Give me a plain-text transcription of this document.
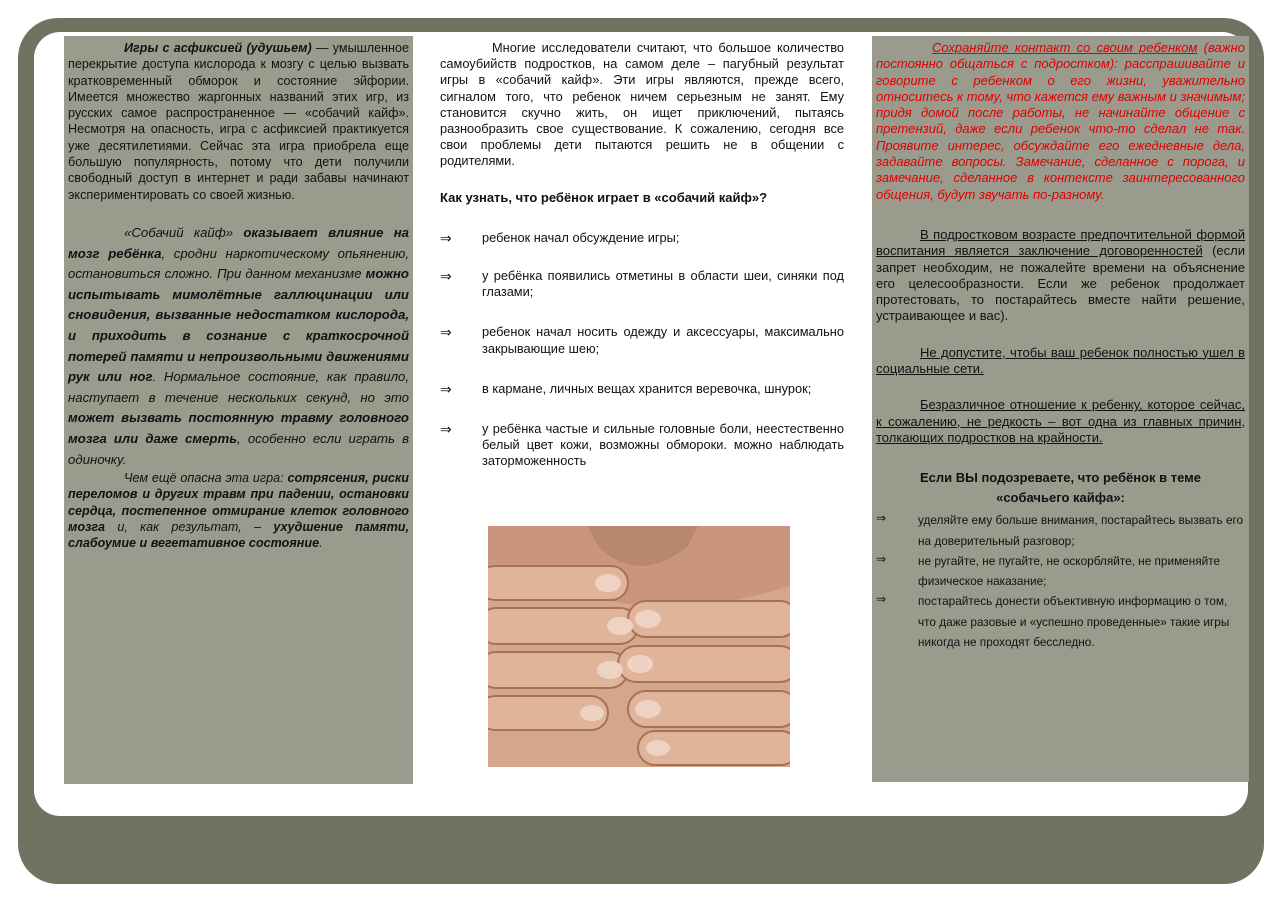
Игры с асфиксией (удушьем) — умышленное перекрытие доступа кислорода к мозгу с целью вызвать кратковременный обморок и состояние эйфории. Имеется множество жаргонных названий этих игр, из русских самое распространенное — «собачий кайф». Несмотря на опасность, игра с асфиксией практикуется уже десятилетиями. Сейчас эта игра приобрела еще большую популярность, потому что дети получили свободный доступ в интернет и ради забавы начинают экспериментировать со своей жизнью.

«Собачий кайф» оказывает влияние на мозг ребёнка, сродни наркотическому опьянению, остановиться сложно. При данном механизме можно испытывать мимолётные галлюцинации или сновидения, вызванные недостатком кислорода, и приходить в сознание с краткосрочной потерей памяти и непроизвольными движениями рук или ног. Нормальное состояние, как правило, наступает в течение нескольких секунд, но это может вызвать постоянную травму головного мозга или даже смерть, особенно если играть в одиночку.

Чем ещё опасна эта игра: сотрясения, риски переломов и других травм при падении, остановки сердца, постепенное отмирание клеток головного мозга и, как результат, – ухудшение памяти, слабоумие и вегетативное состояние.

Многие исследователи считают, что большое количество самоубийств подростков, на самом деле – пагубный результат игры в «собачий кайф». Эти игры являются, прежде всего, сигналом того, что ребенок ничем серьезным не занят. Ему становится скучно жить, он ищет приключений, пытаясь разнообразить свое существование. К сожалению, сегодня все свои проблемы дети пытаются решить не в общении с родителями.

Как узнать, что ребёнок играет в «собачий кайф»?
⇒	ребенок начал обсуждение игры;
⇒	у ребёнка появились отметины в области шеи, синяки под глазами;
⇒	ребенок начал носить одежду и аксессуары, максимально закрывающие шею;
⇒	в кармане, личных вещах хранится веревочка, шнурок;
⇒	у ребёнка частые и сильные головные боли, неестественно белый цвет кожи, возможны обмороки. можно наблюдать заторможенность

Сохраняйте контакт со своим ребенком (важно постоянно общаться с подростком): расспрашивайте и говорите с ребенком о его жизни, уважительно относитесь к тому, что кажется ему важным и значимым; придя домой после работы, не начинайте общение с претензий, даже если ребенок что-то сделал не так. Проявите интерес, обсуждайте его ежедневные дела, задавайте вопросы. Замечание, сделанное с порога, и замечание, сделанное в контексте заинтересованного общения, будут звучать по-разному.

В подростковом возрасте предпочтительной формой воспитания является заключение договоренностей (если запрет необходим, не пожалейте времени на объяснение его целесообразности. Если же ребенок продолжает протестовать, то постарайтесь вместе найти решение, устраивающее и вас).

Не допустите, чтобы ваш ребенок полностью ушел в социальные сети.

Безразличное отношение к ребенку, которое сейчас, к сожалению, не редкость – вот одна из главных причин, толкающих подростков на крайности.

Если ВЫ подозреваете, что ребёнок в теме «собачьего кайфа»:
⇒	уделяйте ему больше внимания, постарайтесь вызвать его на доверительный разговор;
⇒	не ругайте, не пугайте, не оскорбляйте, не применяйте физическое наказание;
⇒	постарайтесь донести объективную информацию о том, что даже разовые и «успешно проведенные» такие игры никогда не проходят бесследно.
